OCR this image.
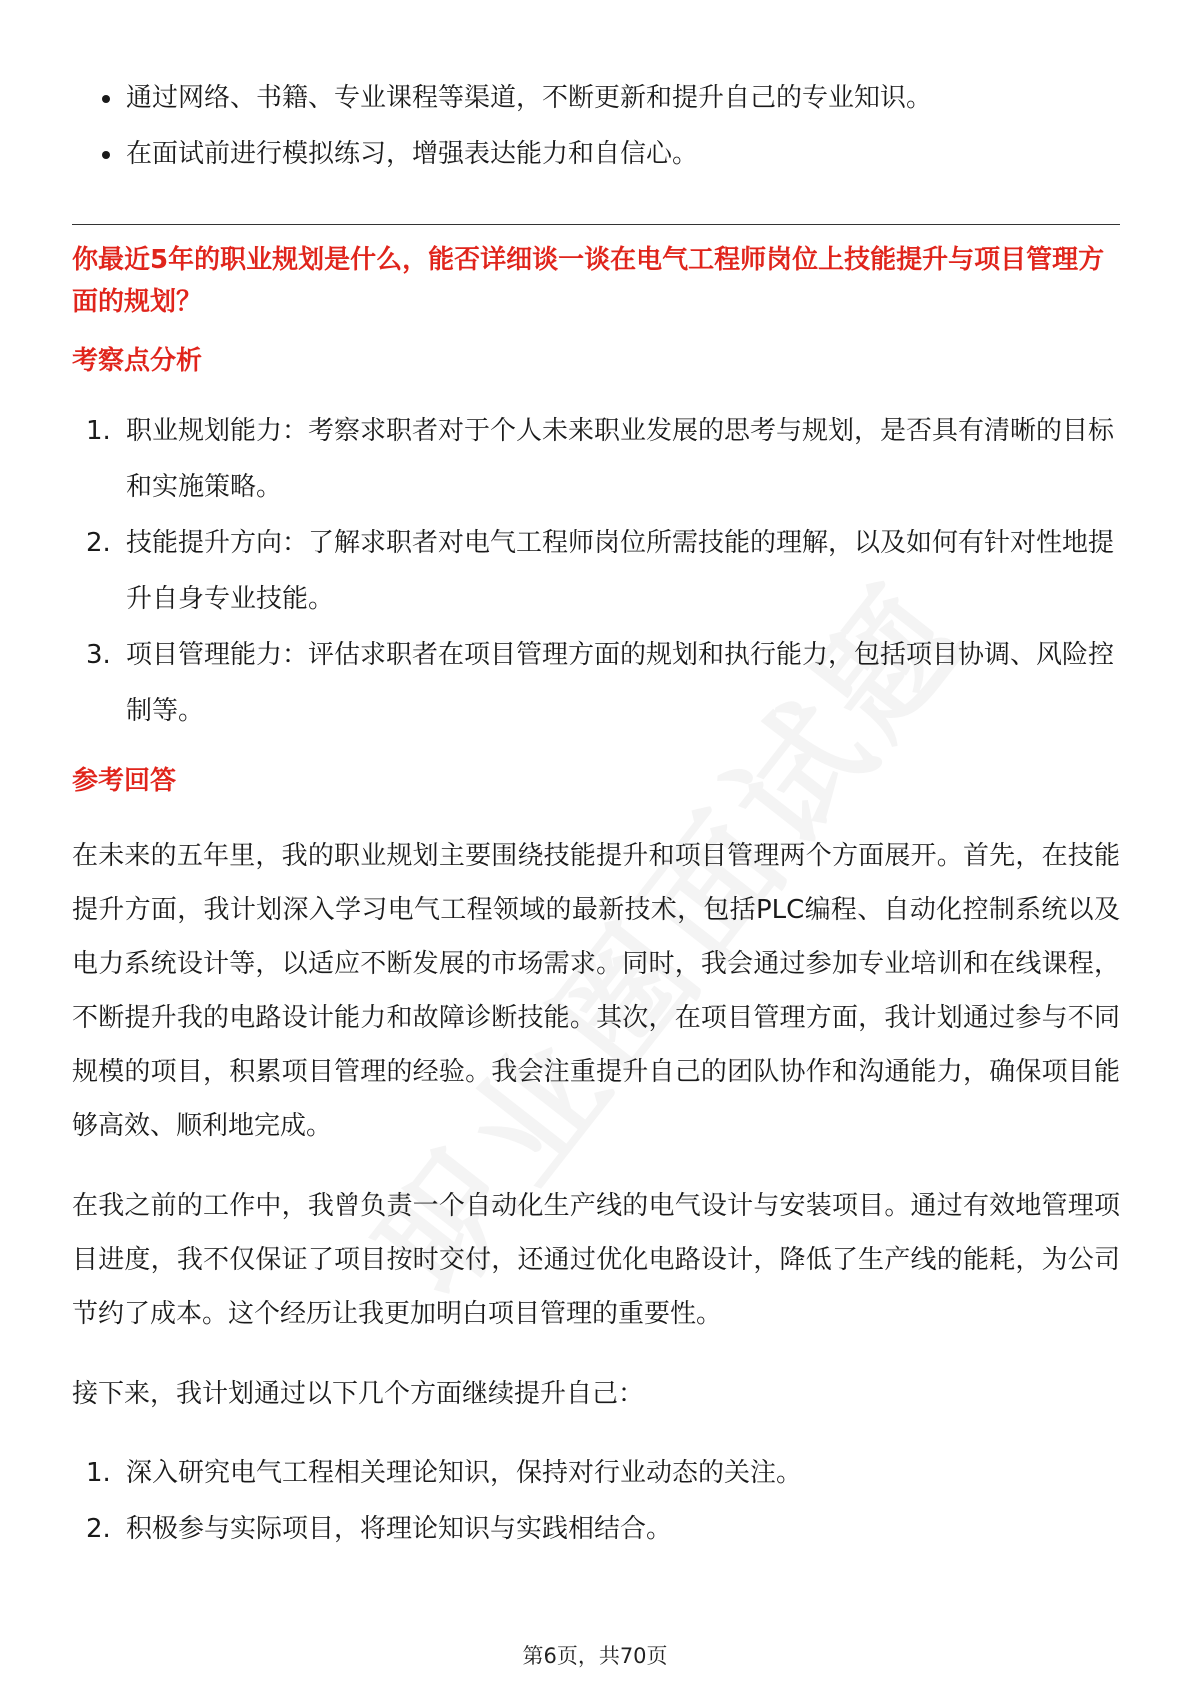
通过网络、书籍、专业课程等渠道，不断更新和提升自己的专业知识。
在面试前进行模拟练习，增强表达能力和自信心。

你最近5年的职业规划是什么，能否详细谈一谈在电气工程师岗位上技能提升与项目管理方面的规划？

考察点分析
1. 职业规划能力：考察求职者对于个人未来职业发展的思考与规划，是否具有清晰的目标和实施策略。
2. 技能提升方向：了解求职者对电气工程师岗位所需技能的理解，以及如何有针对性地提升自身专业技能。
3. 项目管理能力：评估求职者在项目管理方面的规划和执行能力，包括项目协调、风险控制等。
参考回答

在未来的五年里，我的职业规划主要围绕技能提升和项目管理两个方面展开。首先，在技能提升方面，我计划深入学习电气工程领域的最新技术，包括PLC编程、自动化控制系统以及电力系统设计等，以适应不断发展的市场需求。同时，我会通过参加专业培训和在线课程，不断提升我的电路设计能力和故障诊断技能。其次，在项目管理方面，我计划通过参与不同规模的项目，积累项目管理的经验。我会注重提升自己的团队协作和沟通能力，确保项目能够高效、顺利地完成。

在我之前的工作中，我曾负责一个自动化生产线的电气设计与安装项目。通过有效地管理项目进度，我不仅保证了项目按时交付，还通过优化电路设计，降低了生产线的能耗，为公司节约了成本。这个经历让我更加明白项目管理的重要性。

接下来，我计划通过以下几个方面继续提升自己：

1. 深入研究电气工程相关理论知识，保持对行业动态的关注。
2. 积极参与实际项目，将理论知识与实践相结合。
第6页，共70页
